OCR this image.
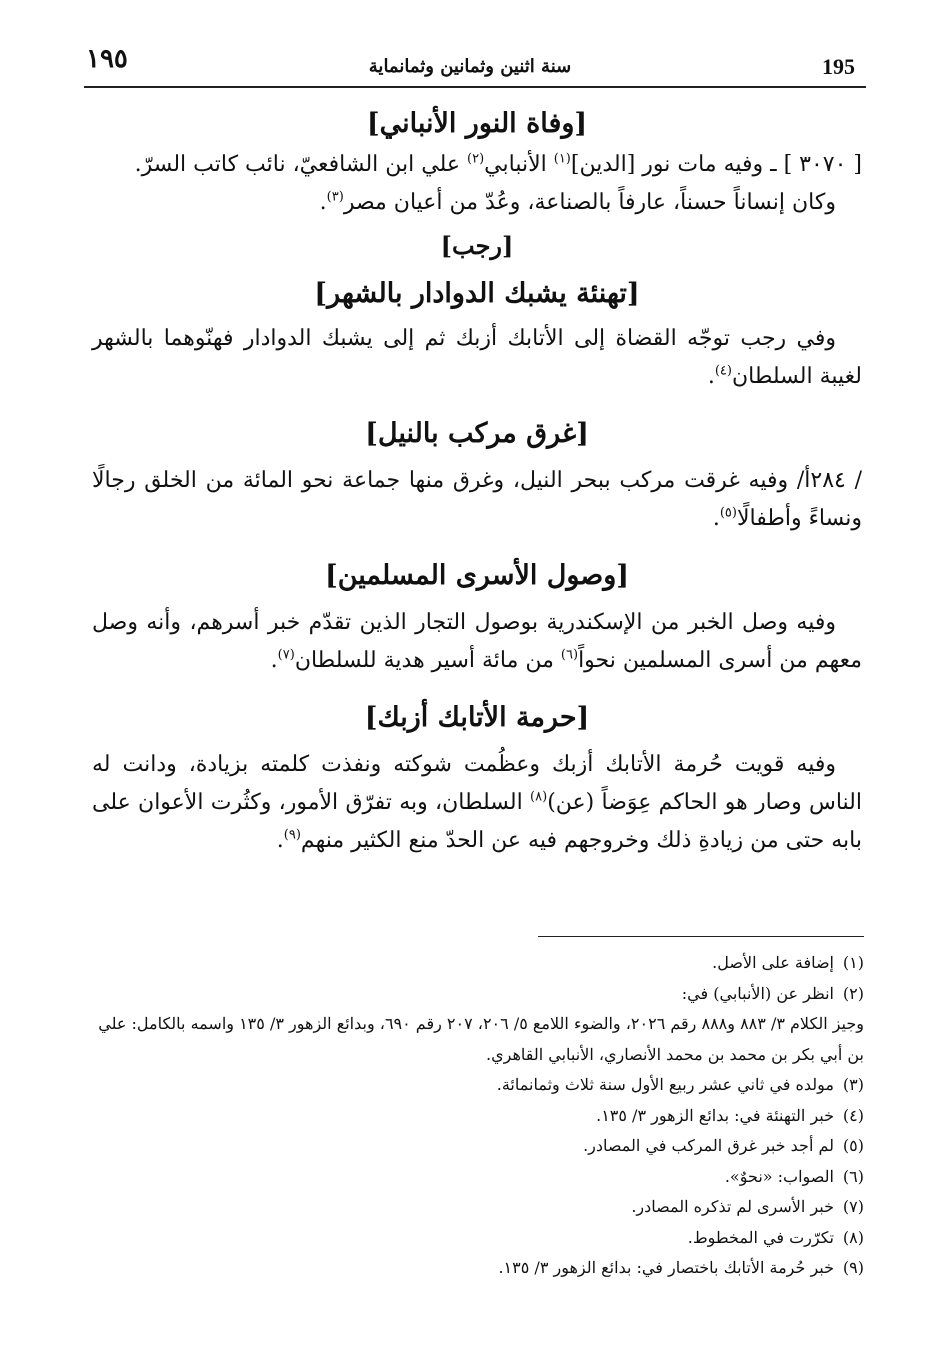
١٩٥	سنة اثنين وثمانين وثمانماية	195
[وفاة النور الأنباني]

[ ٣٠٧٠ ] ـ وفيه مات نور [الدين]$^{(١)}$ الأنبابي$^{(٢)}$ علي ابن الشافعيّ، نائب كاتب السرّ.

وكان إنساناً حسناً، عارفاً بالصناعة، وعُدّ من أعيان مصر$^{(٣)}$.

[رجب]
[تهنئة يشبك الدوادار بالشهر]

وفي رجب توجّه القضاة إلى الأتابك أزبك ثم إلى يشبك الدوادار فهنّوهما بالشهر لغيبة السلطان$^{(٤)}$.

[غرق مركب بالنيل]

/ ٢٨٤أ/ وفيه غرقت مركب ببحر النيل، وغرق منها جماعة نحو المائة من الخلق رجالًا ونساءً وأطفالًا$^{(٥)}$.

[وصول الأسرى المسلمين]

وفيه وصل الخبر من الإسكندرية بوصول التجار الذين تقدّم خبر أسرهم، وأنه وصل معهم من أسرى المسلمين نحواً$^{(٦)}$ من مائة أسير هدية للسلطان$^{(٧)}$.

[حرمة الأتابك أزبك]

وفيه قويت حُرمة الأتابك أزبك وعظُمت شوكته ونفذت كلمته بزيادة، ودانت له الناس وصار هو الحاكم عِوَضاً (عن)$^{(٨)}$ السلطان، وبه تفرّق الأمور، وكثُرت الأعوان على بابه حتى من زيادةِ ذلك وخروجهم فيه عن الحدّ منع الكثير منهم$^{(٩)}$.

(١)
إضافة على الأصل.
(٢)
انظر عن (الأنبابي) في:
وجيز الكلام ٣/ ٨٨٣ و٨٨٨ رقم ٢٠٢٦، والضوء اللامع ٥/ ٢٠٦، ٢٠٧ رقم ٦٩٠، وبدائع الزهور ٣/ ١٣٥ واسمه بالكامل: علي بن أبي بكر بن محمد بن محمد الأنصاري، الأنبابي القاهري.
(٣)
مولده في ثاني عشر ربيع الأول سنة ثلاث وثمانمائة.
(٤)
خبر التهنئة في: بدائع الزهور ٣/ ١٣٥.
(٥)
لم أجد خبر غرق المركب في المصادر.
(٦)
الصواب: «نحوٌ».
(٧)
خبر الأسرى لم تذكره المصادر.
(٨)
تكرّرت في المخطوط.
(٩)
خبر حُرمة الأتابك باختصار في: بدائع الزهور ٣/ ١٣٥.
